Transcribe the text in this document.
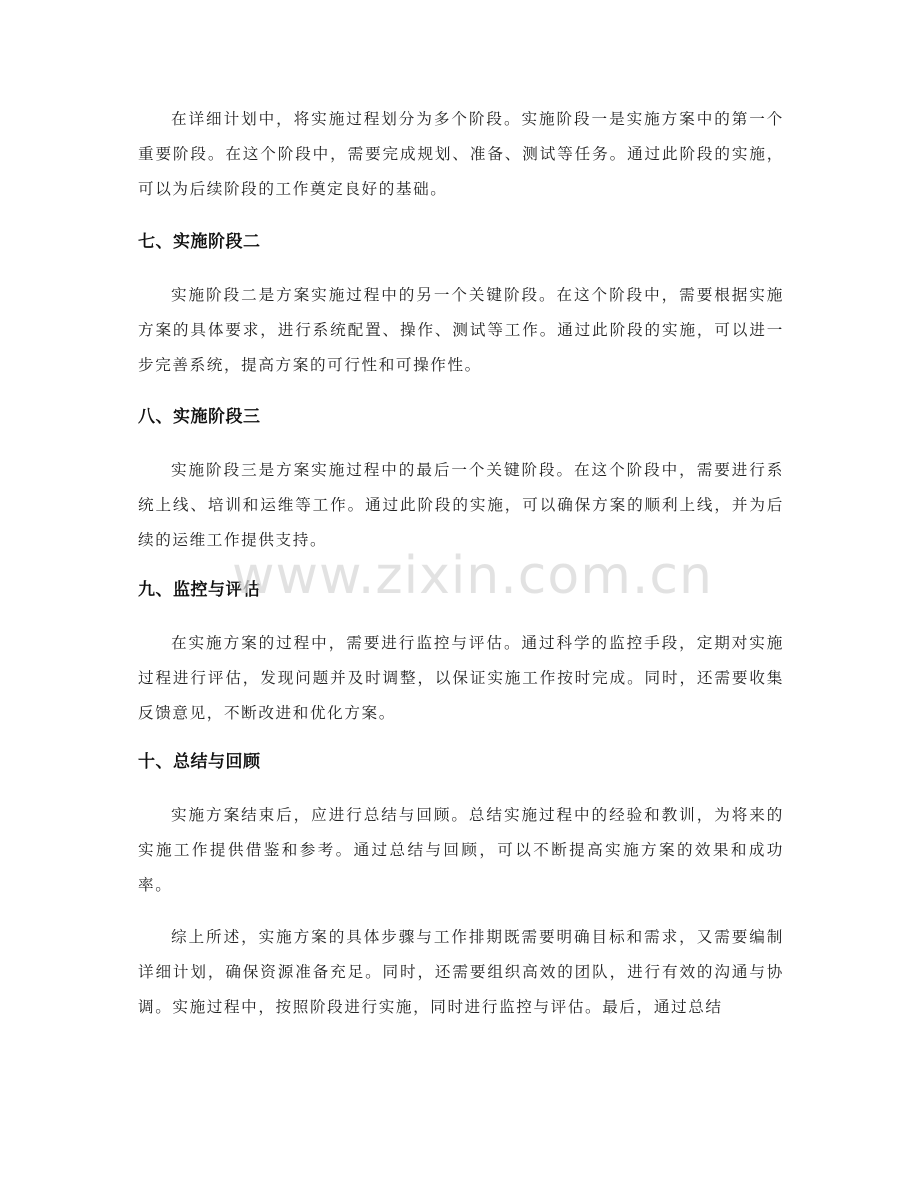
在详细计划中，将实施过程划分为多个阶段。实施阶段一是实施方案中的第一个重要阶段。在这个阶段中，需要完成规划、准备、测试等任务。通过此阶段的实施，可以为后续阶段的工作奠定良好的基础。

七、实施阶段二

实施阶段二是方案实施过程中的另一个关键阶段。在这个阶段中，需要根据实施方案的具体要求，进行系统配置、操作、测试等工作。通过此阶段的实施，可以进一步完善系统，提高方案的可行性和可操作性。

八、实施阶段三

实施阶段三是方案实施过程中的最后一个关键阶段。在这个阶段中，需要进行系统上线、培训和运维等工作。通过此阶段的实施，可以确保方案的顺利上线，并为后续的运维工作提供支持。

九、监控与评估

在实施方案的过程中，需要进行监控与评估。通过科学的监控手段，定期对实施过程进行评估，发现问题并及时调整，以保证实施工作按时完成。同时，还需要收集反馈意见，不断改进和优化方案。

十、总结与回顾

实施方案结束后，应进行总结与回顾。总结实施过程中的经验和教训，为将来的实施工作提供借鉴和参考。通过总结与回顾，可以不断提高实施方案的效果和成功率。

综上所述，实施方案的具体步骤与工作排期既需要明确目标和需求，又需要编制详细计划，确保资源准备充足。同时，还需要组织高效的团队，进行有效的沟通与协调。实施过程中，按照阶段进行实施，同时进行监控与评估。最后，通过总结

www.zixin.com.cn
